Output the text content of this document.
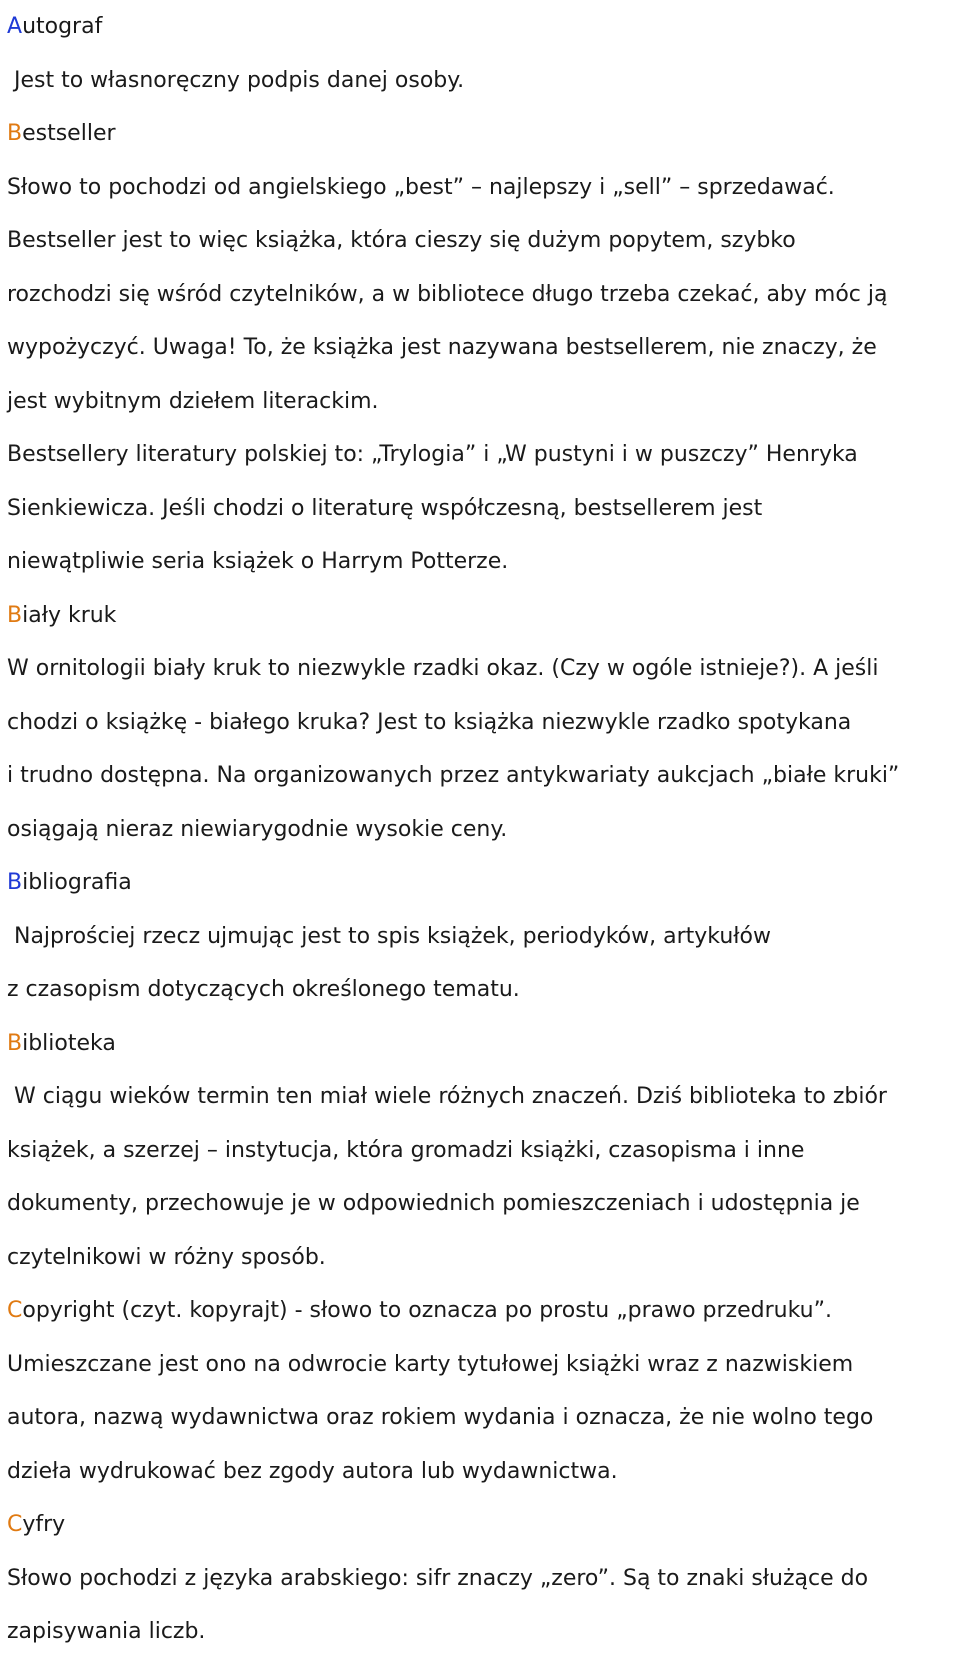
Autograf
Jest to własnoręczny podpis danej osoby.
Bestseller
Słowo to pochodzi od angielskiego „best” – najlepszy i „sell” – sprzedawać.
Bestseller jest to więc książka, która cieszy się dużym popytem, szybko
rozchodzi się wśród czytelników, a w bibliotece długo trzeba czekać, aby móc ją
wypożyczyć. Uwaga! To, że książka jest nazywana bestsellerem, nie znaczy, że
jest wybitnym dziełem literackim.
Bestsellery literatury polskiej to: „Trylogia” i „W pustyni i w puszczy” Henryka
Sienkiewicza. Jeśli chodzi o literaturę współczesną, bestsellerem jest
niewątpliwie seria książek o Harrym Potterze.
Biały kruk
W ornitologii biały kruk to niezwykle rzadki okaz. (Czy w ogóle istnieje?). A jeśli
chodzi o książkę - białego kruka? Jest to książka niezwykle rzadko spotykana
i trudno dostępna. Na organizowanych przez antykwariaty aukcjach „białe kruki”
osiągają nieraz niewiarygodnie wysokie ceny.
Bibliografia
Najprościej rzecz ujmując jest to spis książek, periodyków, artykułów
z czasopism dotyczących określonego tematu.
Biblioteka
W ciągu wieków termin ten miał wiele różnych znaczeń. Dziś biblioteka to zbiór
książek, a szerzej – instytucja, która gromadzi książki, czasopisma i inne
dokumenty, przechowuje je w odpowiednich pomieszczeniach i udostępnia je
czytelnikowi w różny sposób.
Copyright (czyt. kopyrajt) - słowo to oznacza po prostu „prawo przedruku”.
Umieszczane jest ono na odwrocie karty tytułowej książki wraz z nazwiskiem
autora, nazwą wydawnictwa oraz rokiem wydania i oznacza, że nie wolno tego
dzieła wydrukować bez zgody autora lub wydawnictwa.
Cyfry
Słowo pochodzi z języka arabskiego: sifr znaczy „zero”. Są to znaki służące do
zapisywania liczb.
